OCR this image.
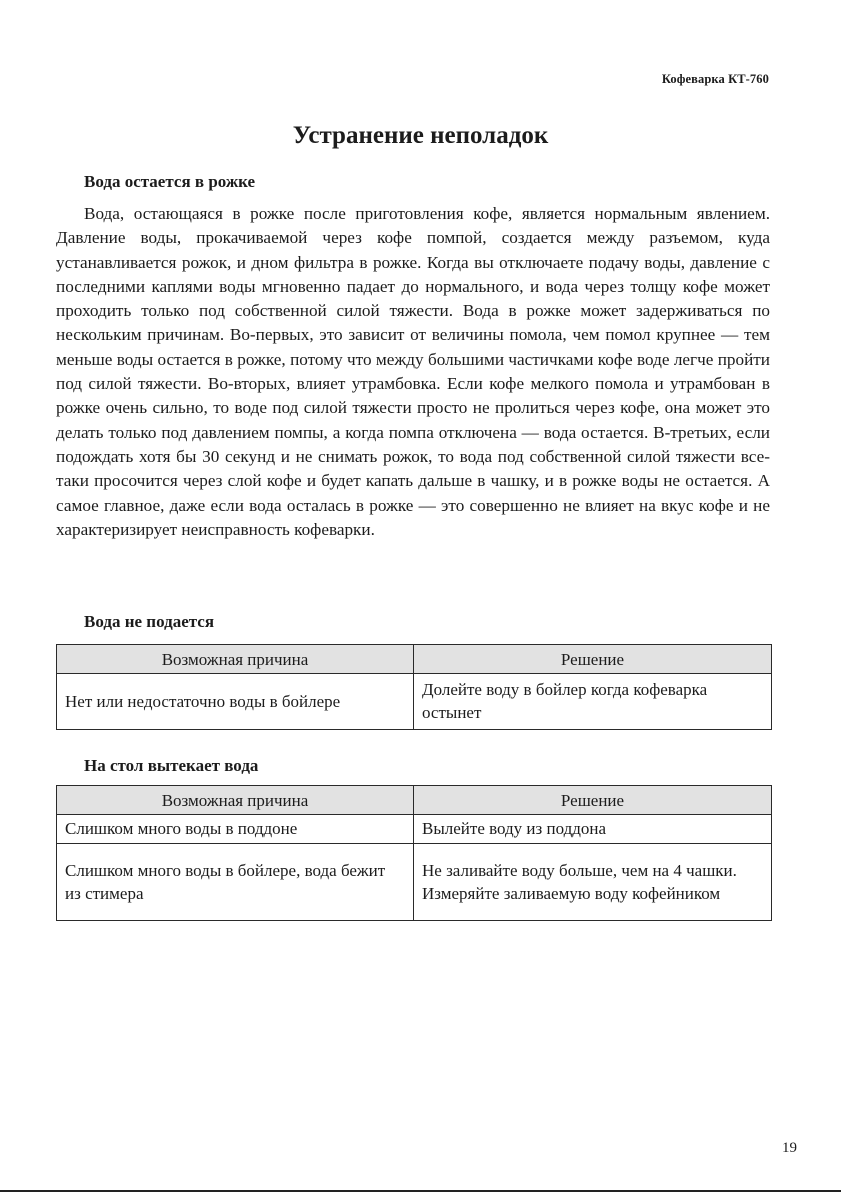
Кофеварка КТ-760
Устранение неполадок
Вода остается в рожке

Вода, остающаяся в рожке после приготовления кофе, является нормальным явлением. Давление воды, прокачиваемой через кофе помпой, создается между разъемом, куда устанавливается рожок, и дном фильтра в рожке. Когда вы отключаете подачу воды, давление с последними каплями воды мгновенно падает до нормального, и вода через толщу кофе может проходить только под собственной силой тяжести. Вода в рожке может задерживаться по нескольким причинам. Во-первых, это зависит от величины помола, чем помол крупнее — тем меньше воды остается в рожке, потому что между большими частичками кофе воде легче пройти под силой тяжести. Во-вторых, влияет утрамбовка. Если кофе мелкого помола и утрамбован в рожке очень сильно, то воде под силой тяжести просто не пролиться через кофе, она может это делать только под давлением помпы, а когда помпа отключена — вода остается. В-третьих, если подождать хотя бы 30 секунд и не снимать рожок, то вода под собственной силой тяжести все-таки просочится через слой кофе и будет капать дальше в чашку, и в рожке воды не остается. А самое главное, даже если вода осталась в рожке — это совершенно не влияет на вкус кофе и не характеризирует неисправность кофеварки.

Вода не подается
Возможная причина	Решение
Нет или недостаточно воды в бойлере	Долейте воду в бойлер когда кофеварка остынет
На стол вытекает вода
Возможная причина	Решение
Слишком много воды в поддоне	Вылейте воду из поддона
Слишком много воды в бойлере, вода бежит из стимера	Не заливайте воду больше, чем на 4 чашки. Измеряйте заливаемую воду кофейником
19
